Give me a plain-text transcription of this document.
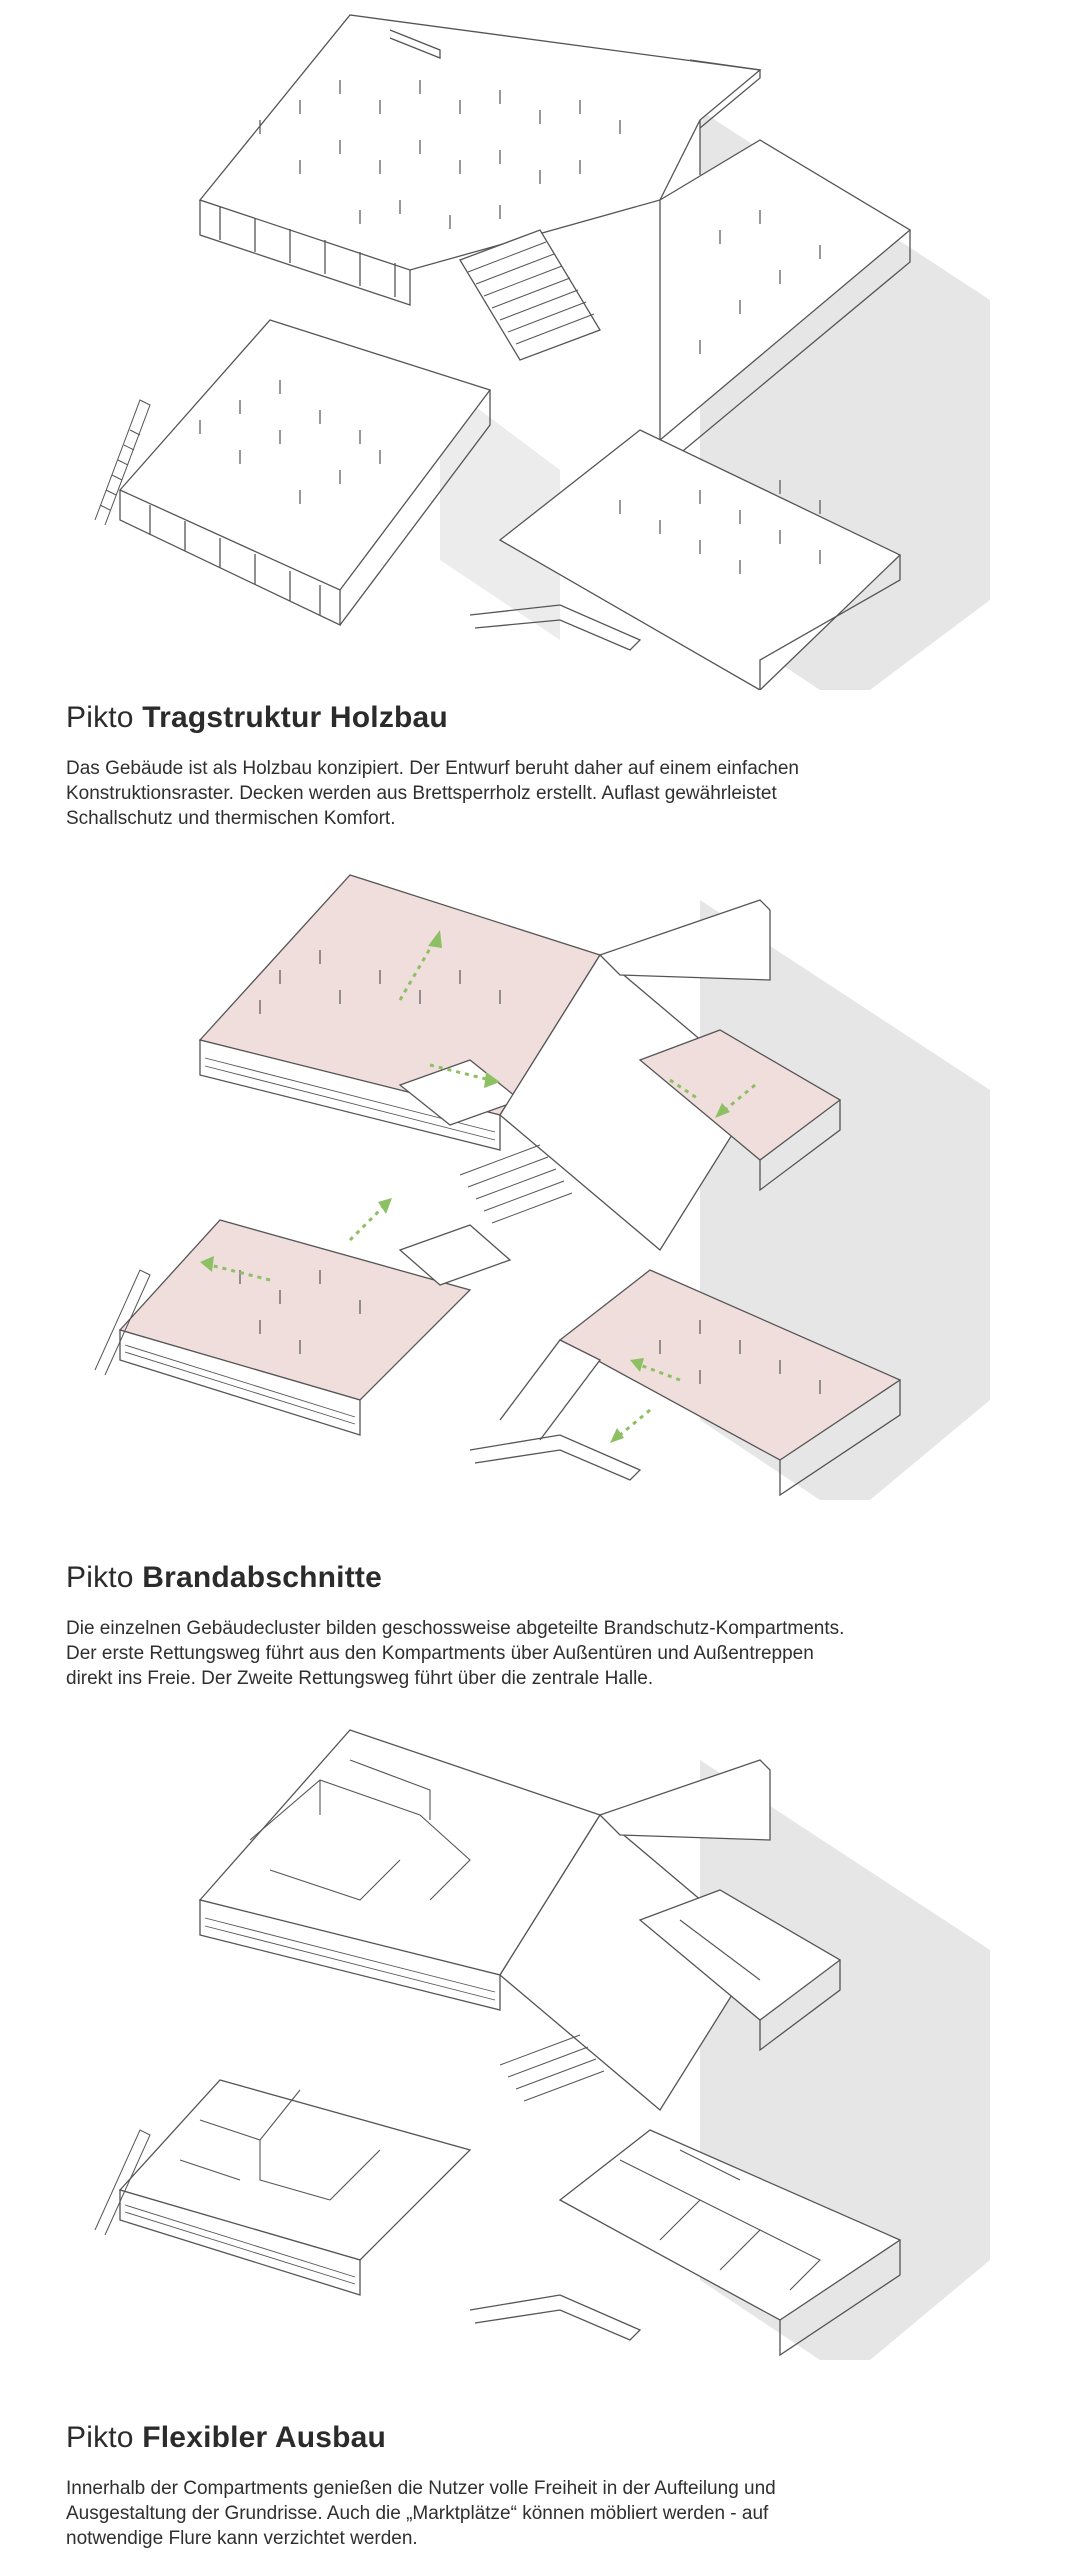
Pikto Tragstruktur Holzbau

Das Gebäude ist als Holzbau konzipiert. Der Entwurf beruht daher auf einem einfachen

Konstruktionsraster. Decken werden aus Brettsperrholz erstellt. Auflast gewährleistet

Schallschutz und thermischen Komfort.

Pikto Brandabschnitte

Die einzelnen Gebäudecluster bilden geschossweise abgeteilte Brandschutz-Kompartments.

Der erste Rettungsweg führt aus den Kompartments über Außentüren und Außentreppen

direkt ins Freie. Der Zweite Rettungsweg führt über die zentrale Halle.

Pikto Flexibler Ausbau

Innerhalb der Compartments genießen die Nutzer volle Freiheit in der Aufteilung und

Ausgestaltung der Grundrisse. Auch die „Marktplätze“ können möbliert werden - auf

notwendige Flure kann verzichtet werden.
